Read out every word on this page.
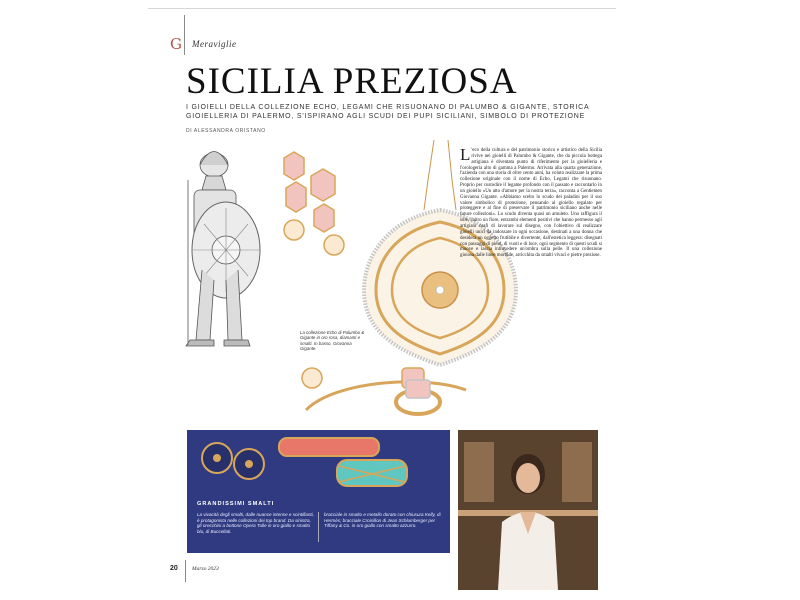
G Meraviglie
SICILIA PREZIOSA
I GIOIELLI DELLA COLLEZIONE ECHO, LEGAMI CHE RISUONANO DI PALUMBO & GIGANTE, STORICA GIOIELLERIA DI PALERMO, S'ISPIRANO AGLI SCUDI DEI PUPI SICILIANI, SIMBOLO DI PROTEZIONE
DI ALESSANDRA ORISTANO
La collezione Echo di Palumbo & Gigante in oro rosa, diamanti e smalti. In basso, Giovanna Gigante.
L 'eco della cultura e del patrimonio storico e artistico della Sicilia rivive nei gioielli di Palumbo & Gigante, che da piccola bottega artigiana è diventata punto di riferimento per la gioielleria e l'orologeria alto di gamma a Palermo. Arrivata alla quarta generazione, l'azienda con una storia di oltre cento anni, ha voluto realizzare la prima collezione originale con il nome di Echo, Legami che risuonano. Proprio per custodire il legame profondo con il passato e raccontarlo in un gioiello «Un atto d'amore per la nostra terra», racconta a Gentlemen Giovanna Gigante. «Abbiamo scelto lo scudo dei paladini per il suo valore simbolico di protezione, pensando al gioiello regalato per proteggere e al fine di preservare il patrimonio siciliano anche nelle future collezioni». Lo scudo diventa quasi un amuleto. Uno raffigura il sole, l'altro un fiore, entrambi elementi positivi che hanno permesso agli artigiani orafi di lavorare sul disegno, con l'obiettivo di realizzare gioielli unici da indossare in ogni occasione, destinati a una donna che desidera un oggetto frutibile e divertente, dall'estetica leggera: disegnati con passaggi di pieni, di vuoti e di luce, ogni segmento di questi scudi si muove e lascia intravedere un'ombra sulla pelle. Il una collezione gioiosa dalle linee morbide, arricchita da smalti vivaci e pietre preziose.
GRANDISSIMI SMALTI
La vivacità degli smalti, dalle nuance intense e scintillanti, è protagonista nelle collezioni dei top brand. Da sinistra, gli orecchini a bottone Opera Tulle in oro giallo e smalto blu, di Buccellati.
bracciale in smalto e metallo dorato con chiusura Kelly, di Hermès; bracciale Croisillon di Jean Schlumberger per Tiffany & Co. in oro giallo con smalto azzurro.
20	Marzo 2023
